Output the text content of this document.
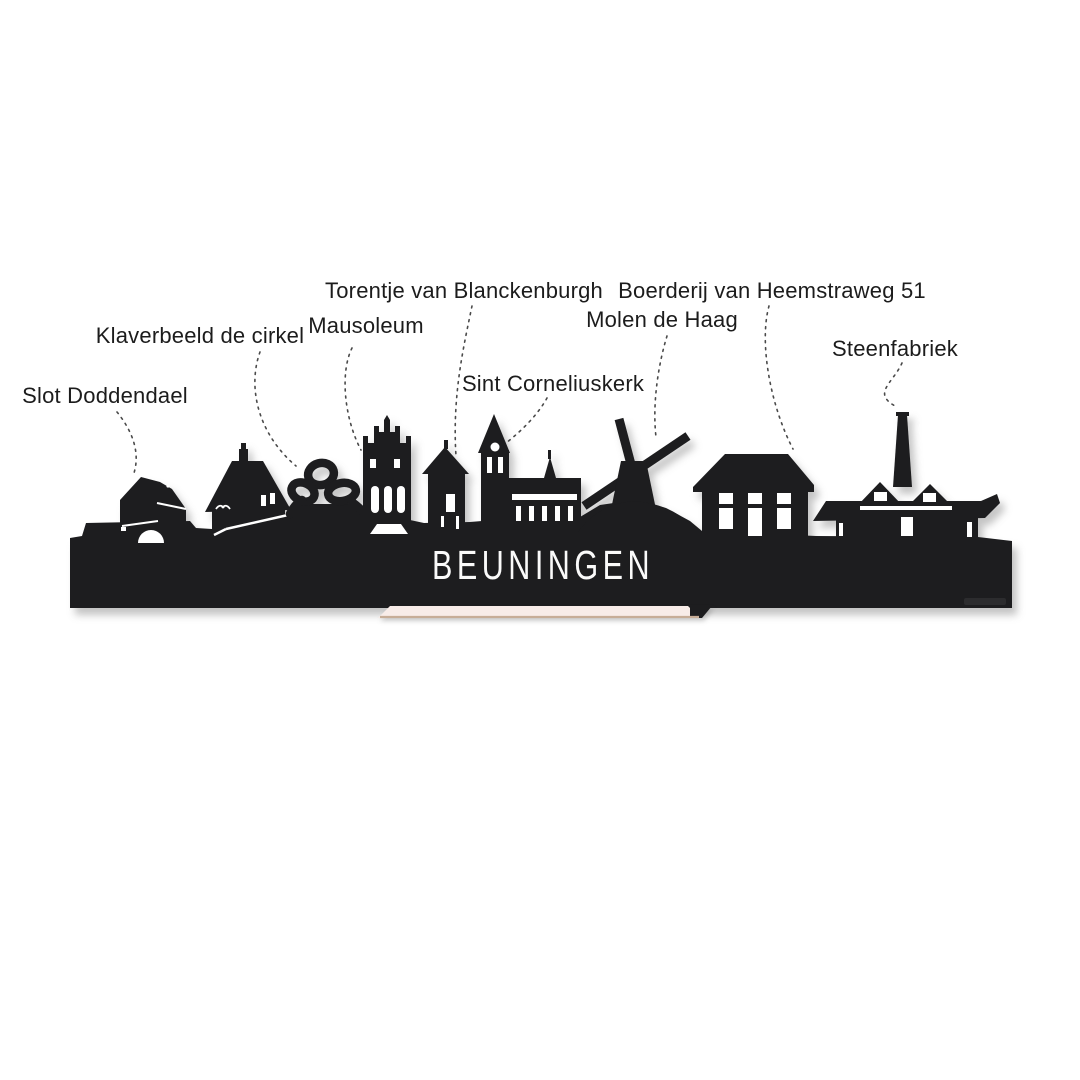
Slot Doddendael
Klaverbeeld de cirkel Mausoleum
Torentje van Blanckenburgh
Sint Corneliuskerk
Molen de Haag
Boerderij van Heemstraweg 51
Steenfabriek
BEUNINGEN
